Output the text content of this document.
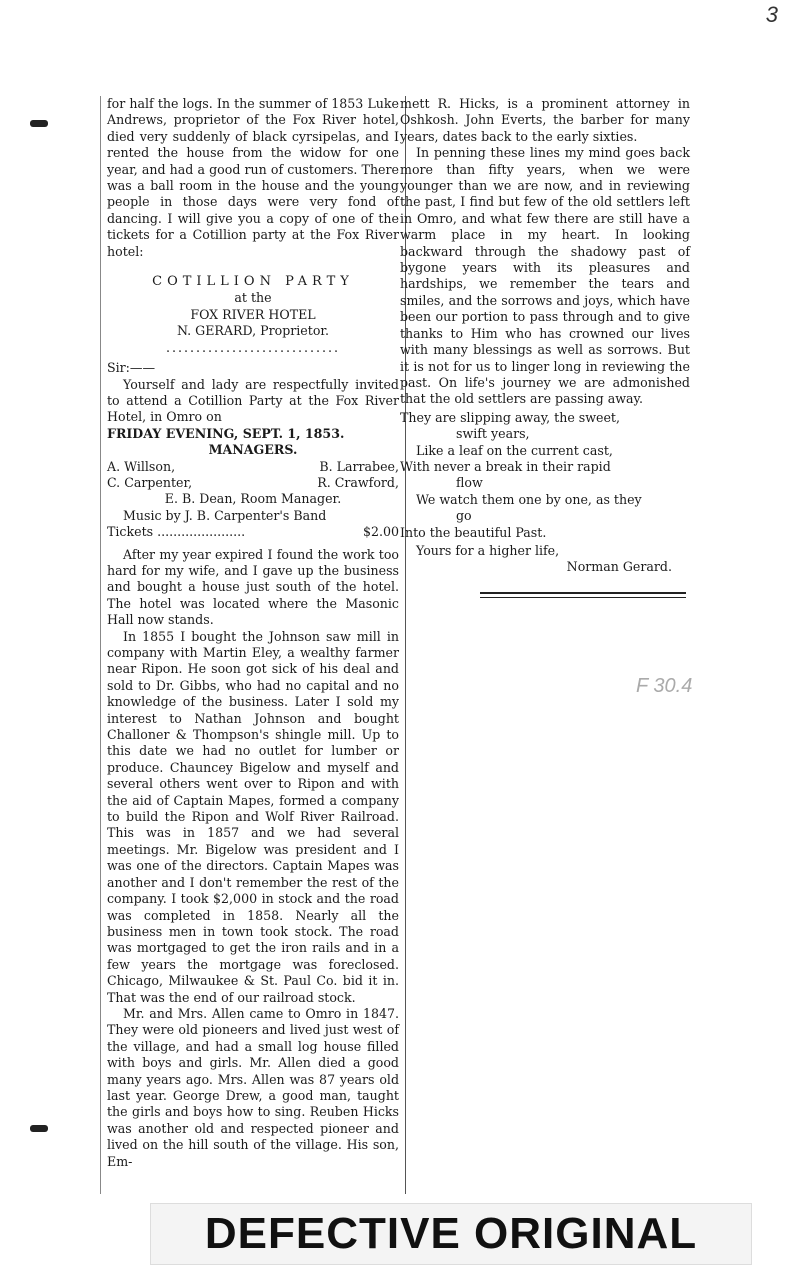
3

for half the logs. In the summer of 1853 Luke Andrews, proprietor of the Fox River hotel, died very suddenly of black cyrsipelas, and I rented the house from the widow for one year, and had a good run of customers. There was a ball room in the house and the young people in those days were very fond of dancing. I will give you a copy of one of the tickets for a Cotillion party at the Fox River hotel:

COTILLION PARTY

at the

FOX RIVER HOTEL

N. GERARD, Proprietor.

.............................

Sir:——

Yourself and lady are respectfully invited to attend a Cotillion Party at the Fox River Hotel, in Omro on

FRIDAY EVENING, SEPT. 1, 1853.

MANAGERS.

A. Willson,	B. Larrabee,
C. Carpenter,	R. Crawford,

E. B. Dean, Room Manager.

Music by J. B. Carpenter's Band

Tickets ......................	$2.00

After my year expired I found the work too hard for my wife, and I gave up the business and bought a house just south of the hotel. The hotel was located where the Masonic Hall now stands.

In 1855 I bought the Johnson saw mill in company with Martin Eley, a wealthy farmer near Ripon. He soon got sick of his deal and sold to Dr. Gibbs, who had no capital and no knowledge of the business. Later I sold my interest to Nathan Johnson and bought Challoner & Thompson's shingle mill. Up to this date we had no outlet for lumber or produce. Chauncey Bigelow and myself and several others went over to Ripon and with the aid of Captain Mapes, formed a company to build the Ripon and Wolf River Railroad. This was in 1857 and we had several meetings. Mr. Bigelow was president and I was one of the directors. Captain Mapes was another and I don't remember the rest of the company. I took $2,000 in stock and the road was completed in 1858. Nearly all the business men in town took stock. The road was mortgaged to get the iron rails and in a few years the mortgage was foreclosed. Chicago, Milwaukee & St. Paul Co. bid it in. That was the end of our railroad stock.

Mr. and Mrs. Allen came to Omro in 1847. They were old pioneers and lived just west of the village, and had a small log house filled with boys and girls. Mr. Allen died a good many years ago. Mrs. Allen was 87 years old last year. George Drew, a good man, taught the girls and boys how to sing. Reuben Hicks was another old and respected pioneer and lived on the hill south of the village. His son, Em-

mett R. Hicks, is a prominent attorney in Oshkosh. John Everts, the barber for many years, dates back to the early sixties.

In penning these lines my mind goes back more than fifty years, when we were younger than we are now, and in reviewing the past, I find but few of the old settlers left in Omro, and what few there are still have a warm place in my heart. In looking backward through the shadowy past of bygone years with its pleasures and hardships, we remember the tears and smiles, and the sorrows and joys, which have been our portion to pass through and to give thanks to Him who has crowned our lives with many blessings as well as sorrows. But it is not for us to linger long in reviewing the past. On life's journey we are admonished that the old settlers are passing away.

They are slipping away, the sweet,

swift years,

Like a leaf on the current cast,

With never a break in their rapid

flow

We watch them one by one, as they

go

Into the beautiful Past.

Yours for a higher life,

Norman Gerard.

F 30.4
DEFECTIVE ORIGINAL
